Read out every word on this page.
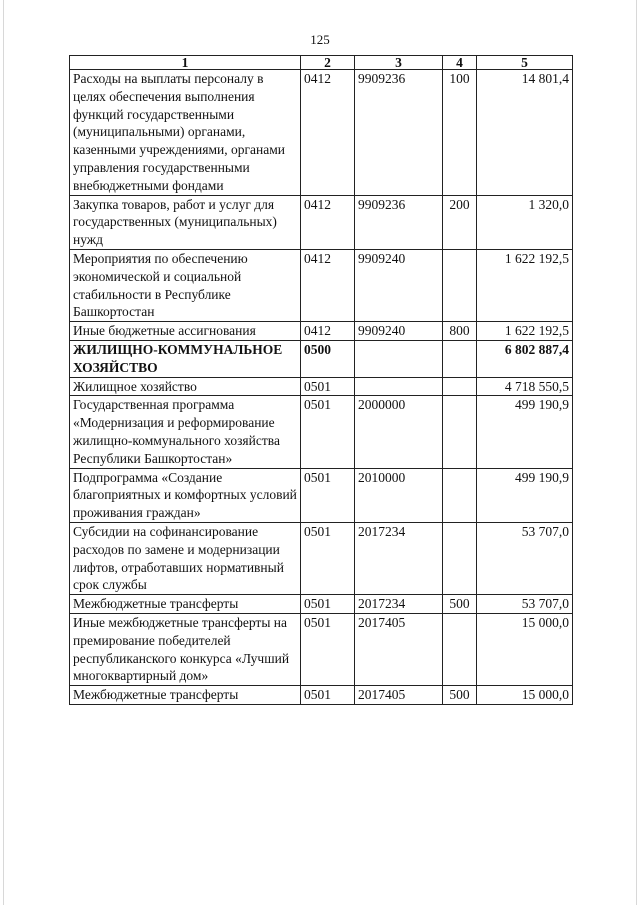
125
1	2	3	4	5
Расходы на выплаты персоналу в целях обеспечения выполнения функций государственными (муниципальными) органами, казенными учреждениями, органами управления государственными внебюджетными фондами	0412	9909236	100	14 801,4
Закупка товаров, работ и услуг для государственных (муниципальных) нужд	0412	9909236	200	1 320,0
Мероприятия по обеспечению экономической и социальной стабильности в Республике Башкортостан	0412	9909240		1 622 192,5
Иные бюджетные ассигнования	0412	9909240	800	1 622 192,5
ЖИЛИЩНО-КОММУНАЛЬНОЕ ХОЗЯЙСТВО	0500			6 802 887,4
Жилищное хозяйство	0501			4 718 550,5
Государственная программа «Модернизация и реформирование жилищно-коммунального хозяйства Республики Башкортостан»	0501	2000000		499 190,9
Подпрограмма «Создание благоприятных и комфортных условий проживания граждан»	0501	2010000		499 190,9
Субсидии на софинансирование расходов по замене и модернизации лифтов, отработавших нормативный срок службы	0501	2017234		53 707,0
Межбюджетные трансферты	0501	2017234	500	53 707,0
Иные межбюджетные трансферты на премирование победителей республиканского конкурса «Лучший многоквартирный дом»	0501	2017405		15 000,0
Межбюджетные трансферты	0501	2017405	500	15 000,0
